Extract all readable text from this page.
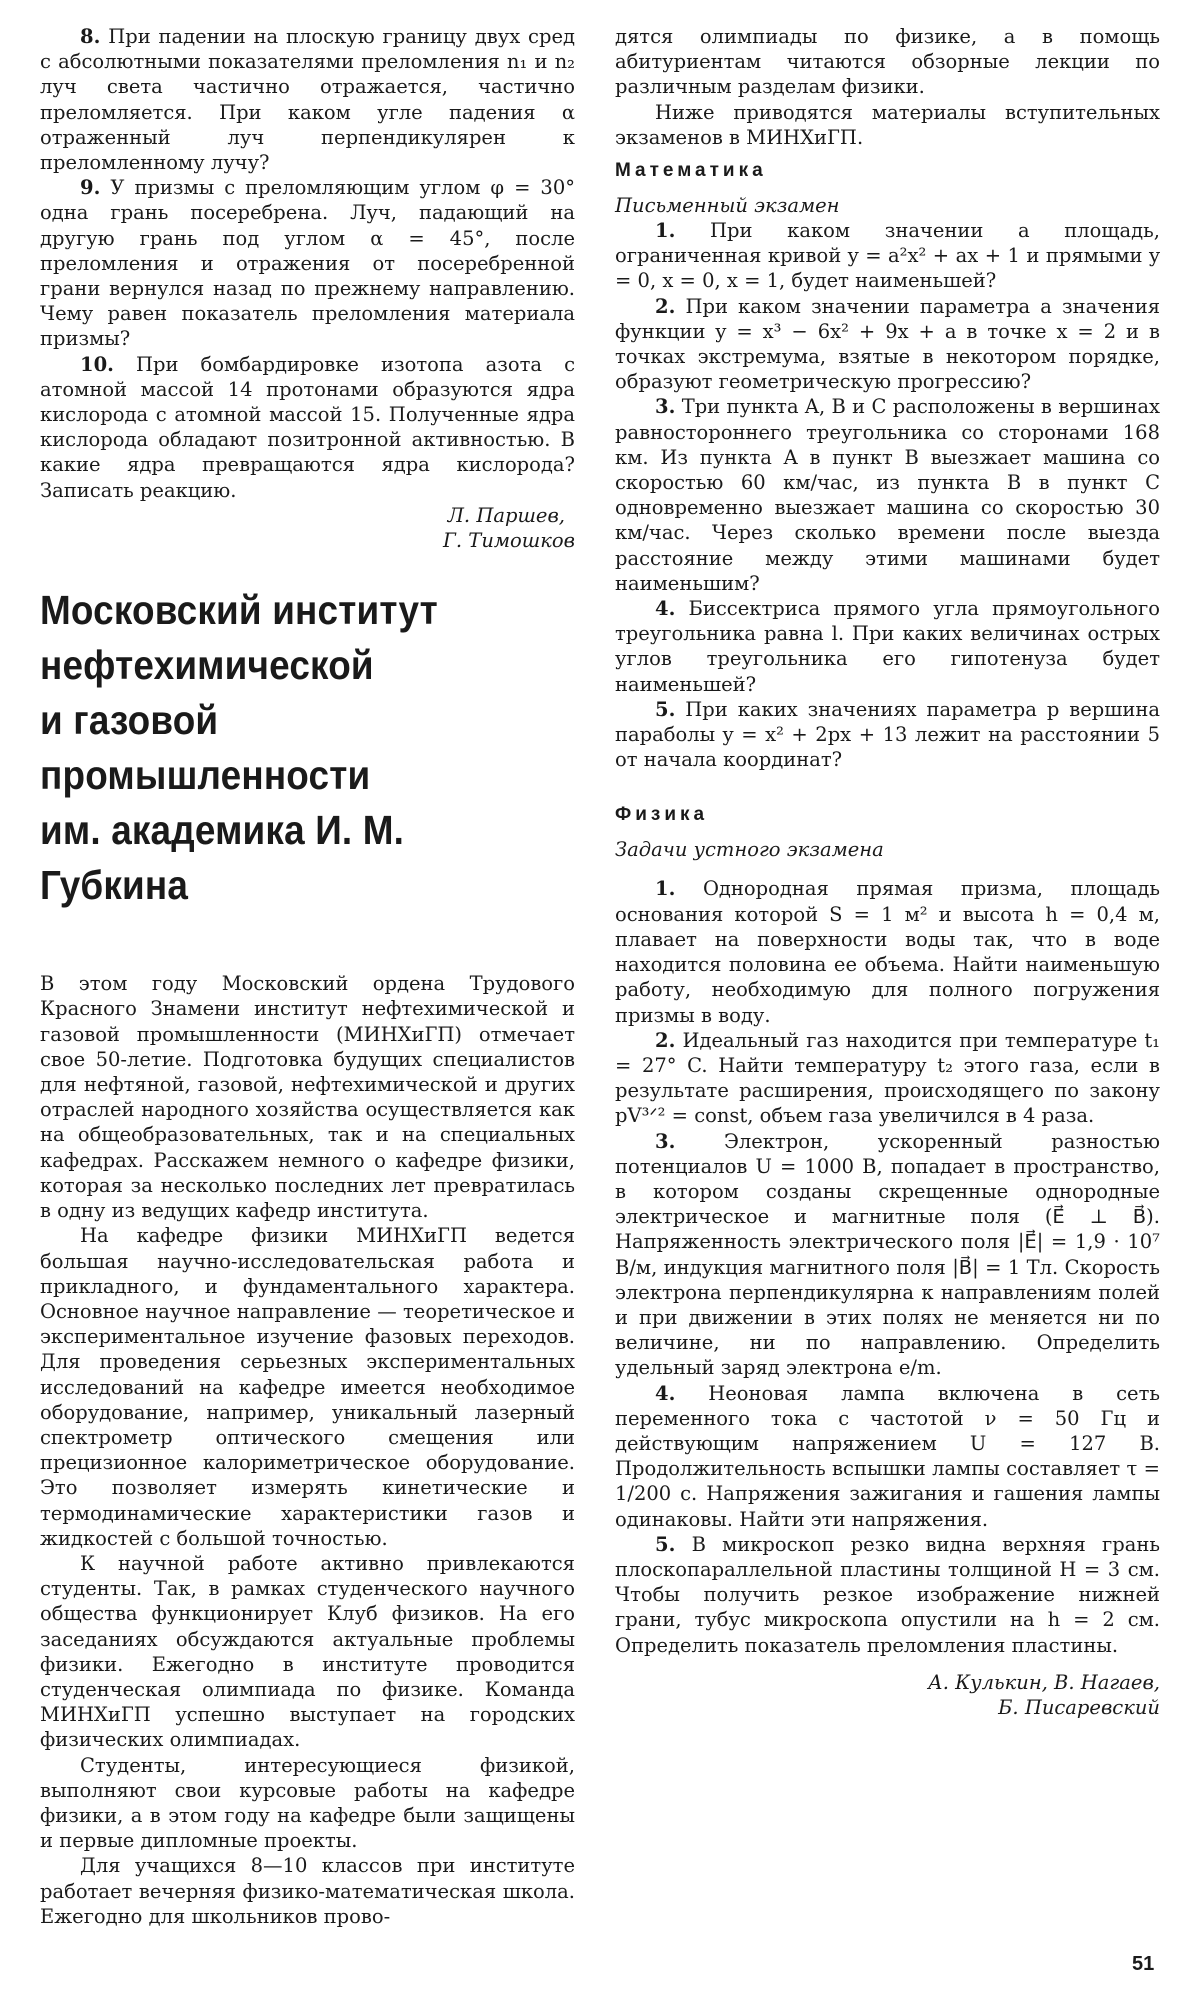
8. При падении на плоскую границу двух сред с абсолютными показателями преломления n₁ и n₂ луч света частично отражается, частично преломляется. При каком угле падения α отраженный луч перпендикулярен к преломленному лучу?

9. У призмы с преломляющим углом φ = 30° одна грань посеребрена. Луч, падающий на другую грань под углом α = 45°, после преломления и отражения от посеребренной грани вернулся назад по прежнему направлению. Чему равен показатель преломления материала призмы?

10. При бомбардировке изотопа азота с атомной массой 14 протонами образуются ядра кислорода с атомной массой 15. Полученные ядра кислорода обладают позитронной активностью. В какие ядра превращаются ядра кислорода? Записать реакцию.

Л. Паршев,
Г. Тимошков
Московский институт
нефтехимической
и газовой промышленности
им. академика И. М. Губкина

В этом году Московский ордена Трудового Красного Знамени институт нефтехимической и газовой промышленности (МИНХиГП) отмечает свое 50-летие. Подготовка будущих специалистов для нефтяной, газовой, нефтехимической и других отраслей народного хозяйства осуществляется как на общеобразовательных, так и на специальных кафедрах. Расскажем немного о кафедре физики, которая за несколько последних лет превратилась в одну из ведущих кафедр института.

На кафедре физики МИНХиГП ведется большая научно-исследовательская работа и прикладного, и фундаментального характера. Основное научное направление — теоретическое и экспериментальное изучение фазовых переходов. Для проведения серьезных экспериментальных исследований на кафедре имеется необходимое оборудование, например, уникальный лазерный спектрометр оптического смещения или прецизионное калориметрическое оборудование. Это позволяет измерять кинетические и термодинамические характеристики газов и жидкостей с большой точностью.

К научной работе активно привлекаются студенты. Так, в рамках студенческого научного общества функционирует Клуб физиков. На его заседаниях обсуждаются актуальные проблемы физики. Ежегодно в институте проводится студенческая олимпиада по физике. Команда МИНХиГП успешно выступает на городских физических олимпиадах.

Студенты, интересующиеся физикой, выполняют свои курсовые работы на кафедре физики, а в этом году на кафедре были защищены и первые дипломные проекты.

Для учащихся 8—10 классов при институте работает вечерняя физико-математическая школа. Ежегодно для школьников прово-

дятся олимпиады по физике, а в помощь абитуриентам читаются обзорные лекции по различным разделам физики.

Ниже приводятся материалы вступительных экзаменов в МИНХиГП.

Математика
Письменный экзамен

1. При каком значении a площадь, ограниченная кривой y = a²x² + ax + 1 и прямыми y = 0, x = 0, x = 1, будет наименьшей?

2. При каком значении параметра a значения функции y = x³ − 6x² + 9x + a в точке x = 2 и в точках экстремума, взятые в некотором порядке, образуют геометрическую прогрессию?

3. Три пункта A, B и C расположены в вершинах равностороннего треугольника со сторонами 168 км. Из пункта A в пункт B выезжает машина со скоростью 60 км/час, из пункта B в пункт C одновременно выезжает машина со скоростью 30 км/час. Через сколько времени после выезда расстояние между этими машинами будет наименьшим?

4. Биссектриса прямого угла прямоугольного треугольника равна l. При каких величинах острых углов треугольника его гипотенуза будет наименьшей?

5. При каких значениях параметра p вершина параболы y = x² + 2px + 13 лежит на расстоянии 5 от начала координат?

Физика
Задачи устного экзамена

1. Однородная прямая призма, площадь основания которой S = 1 м² и высота h = 0,4 м, плавает на поверхности воды так, что в воде находится половина ее объема. Найти наименьшую работу, необходимую для полного погружения призмы в воду.

2. Идеальный газ находится при температуре t₁ = 27° C. Найти температуру t₂ этого газа, если в результате расширения, происходящего по закону pV³ᐟ² = const, объем газа увеличился в 4 раза.

3. Электрон, ускоренный разностью потенциалов U = 1000 В, попадает в пространство, в котором созданы скрещенные однородные электрическое и магнитные поля (E⃗ ⊥ B⃗). Напряженность электрического поля |E⃗| = 1,9 · 10⁷ В/м, индукция магнитного поля |B⃗| = 1 Тл. Скорость электрона перпендикулярна к направлениям полей и при движении в этих полях не меняется ни по величине, ни по направлению. Определить удельный заряд электрона e/m.

4. Неоновая лампа включена в сеть переменного тока с частотой ν = 50 Гц и действующим напряжением U = 127 В. Продолжительность вспышки лампы составляет τ = 1/200 с. Напряжения зажигания и гашения лампы одинаковы. Найти эти напряжения.

5. В микроскоп резко видна верхняя грань плоскопараллельной пластины толщиной H = 3 см. Чтобы получить резкое изображение нижней грани, тубус микроскопа опустили на h = 2 см. Определить показатель преломления пластины.

А. Кулькин, В. Нагаев,
Б. Писаревский
51
